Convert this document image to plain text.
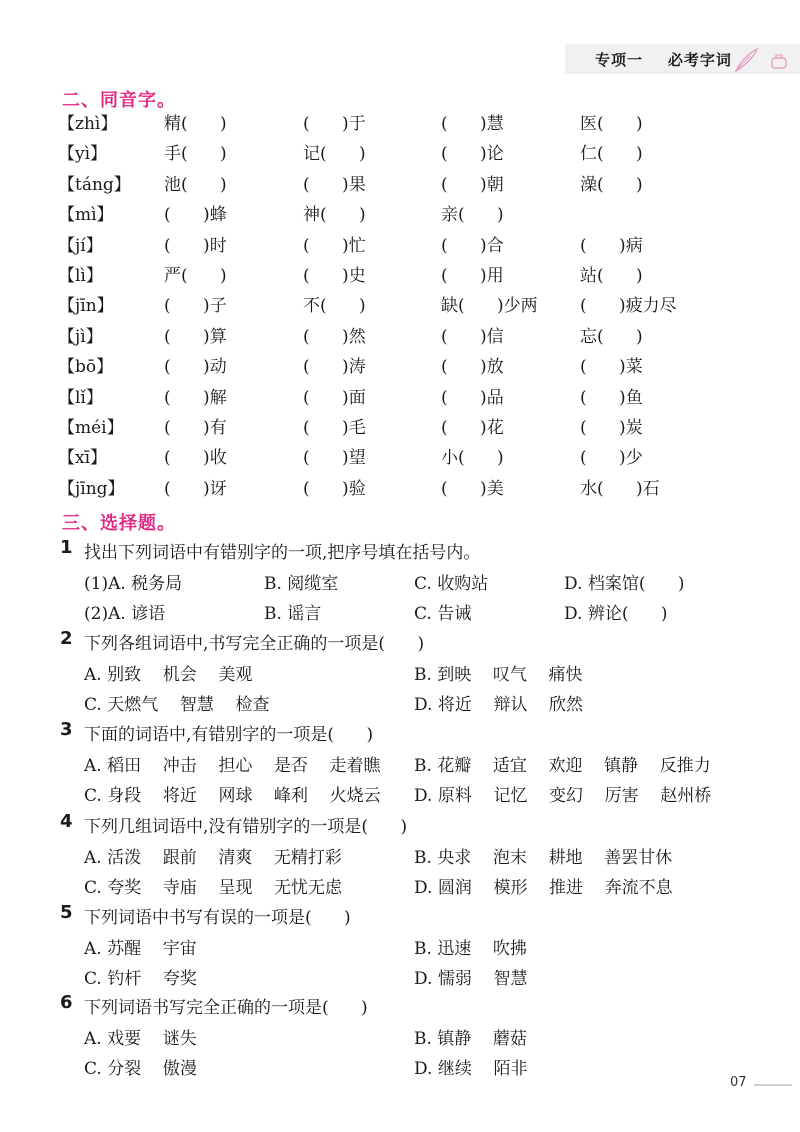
专项一    必考字词
二、同音字。
【zhì】	精(      )	(      )于	(      )慧	医(      )
【yì】	手(      )	记(      )	(      )论	仁(      )
【táng】 池(      )	(      )果	(      )朝	澡(      )
【mì】	(      )蜂	神(      )	亲(      )
【jí】	(      )时	(      )忙	(      )合	(      )病
【lì】	严(      )	(      )史	(      )用	站(      )
【jīn】	(      )子	不(      )	缺(      )少两 (      )疲力尽
【jì】	(      )算	(      )然	(      )信	忘(      )
【bō】	(      )动	(      )涛	(      )放	(      )菜
【lǐ】	(      )解	(      )面	(      )品	(      )鱼
【méi】 (      )有	(      )毛	(      )花	(      )炭
【xī】	(      )收	(      )望	小(      )	(      )少
【jīng】 (      )讶	(      )验	(      )美	水(      )石
三、选择题。
1 找出下列词语中有错别字的一项,把序号填在括号内。
(1)A. 税务局	B. 阅缆室	C. 收购站	D. 档案馆(      )
(2)A. 谚语	B. 谣言	C. 告诫	D. 辨论(      )
2 下列各组词语中,书写完全正确的一项是(      )
A. 别致    机会    美观	B. 到映    叹气    痛快
C. 天燃气    智慧    检查	D. 将近    辩认    欣然
3 下面的词语中,有错别字的一项是(      )
A. 稻田    冲击    担心    是否    走着瞧 B. 花瓣    适宜    欢迎    镇静    反推力
C. 身段    将近    网球    峰利    火烧云 D. 原料    记忆    变幻    厉害    赵州桥
4 下列几组词语中,没有错别字的一项是(      )
A. 活泼    跟前    清爽    无精打彩	B. 央求    泡末    耕地    善罢甘休
C. 夸奖    寺庙    呈现    无忧无虑	D. 圆润    模形    推进    奔流不息
5 下列词语中书写有误的一项是(      )
A. 苏醒    宇宙	B. 迅速    吹拂
C. 钓杆    夸奖	D. 懦弱    智慧
6 下列词语书写完全正确的一项是(      )
A. 戏要    谜失	B. 镇静    蘑菇
C. 分裂    傲漫	D. 继续    陌非
07
